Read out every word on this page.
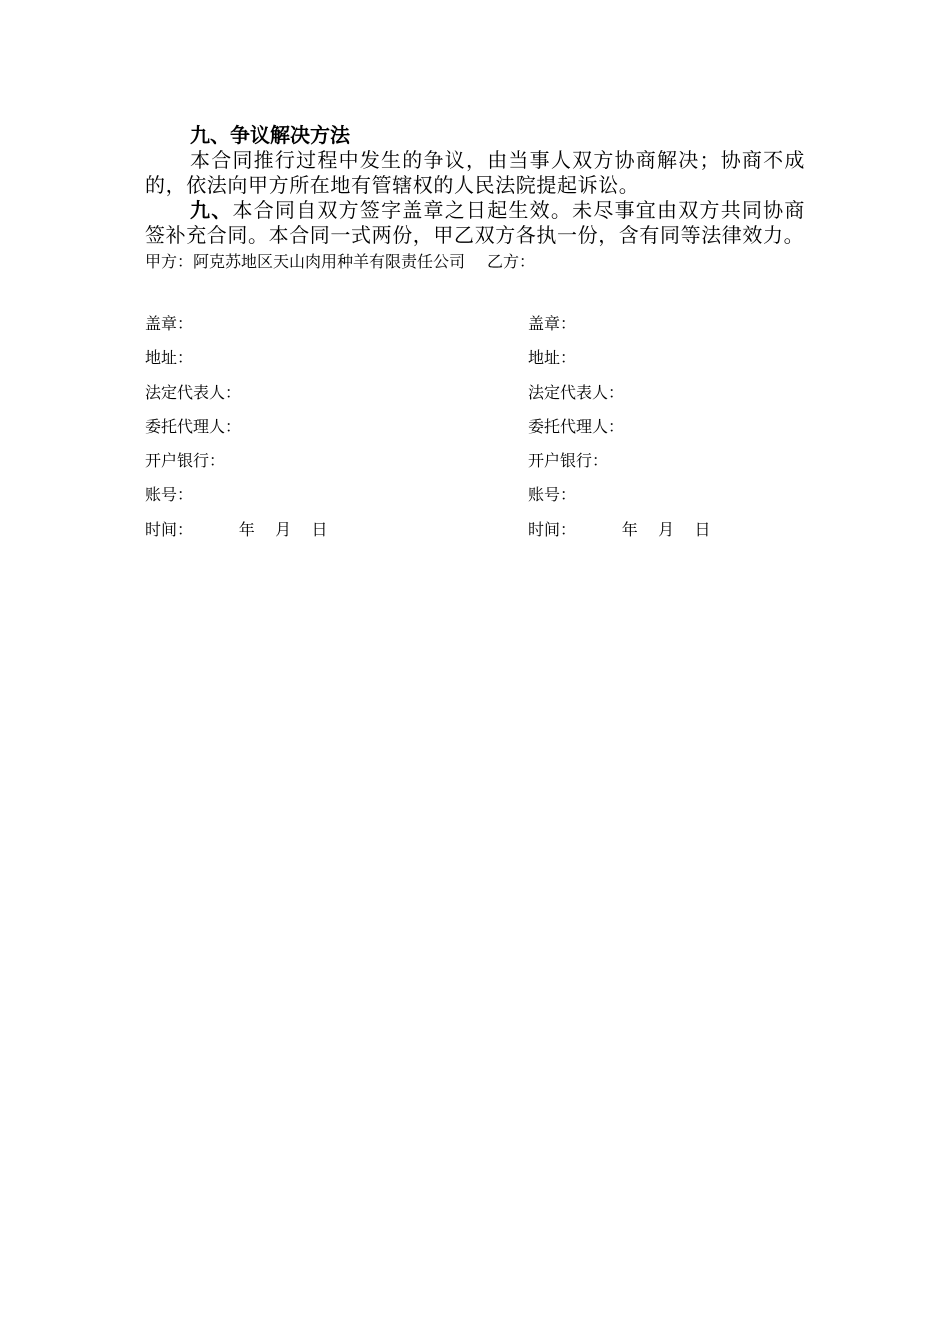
九、争议解决方法

本合同推行过程中发生的争议，由当事人双方协商解决；协商不成的，依法向甲方所在地有管辖权的人民法院提起诉讼。

九、本合同自双方签字盖章之日起生效。未尽事宜由双方共同协商签补充合同。本合同一式两份，甲乙双方各执一份，含有同等法律效力。

甲方：阿克苏地区天山肉用种羊有限责任公司 乙方：
盖章：	盖章：
地址：	地址：
法定代表人：	法定代表人：
委托代理人：	委托代理人：
开户银行：	开户银行：
账号：	账号：
时间：         年    月    日	时间：         年    月    日
